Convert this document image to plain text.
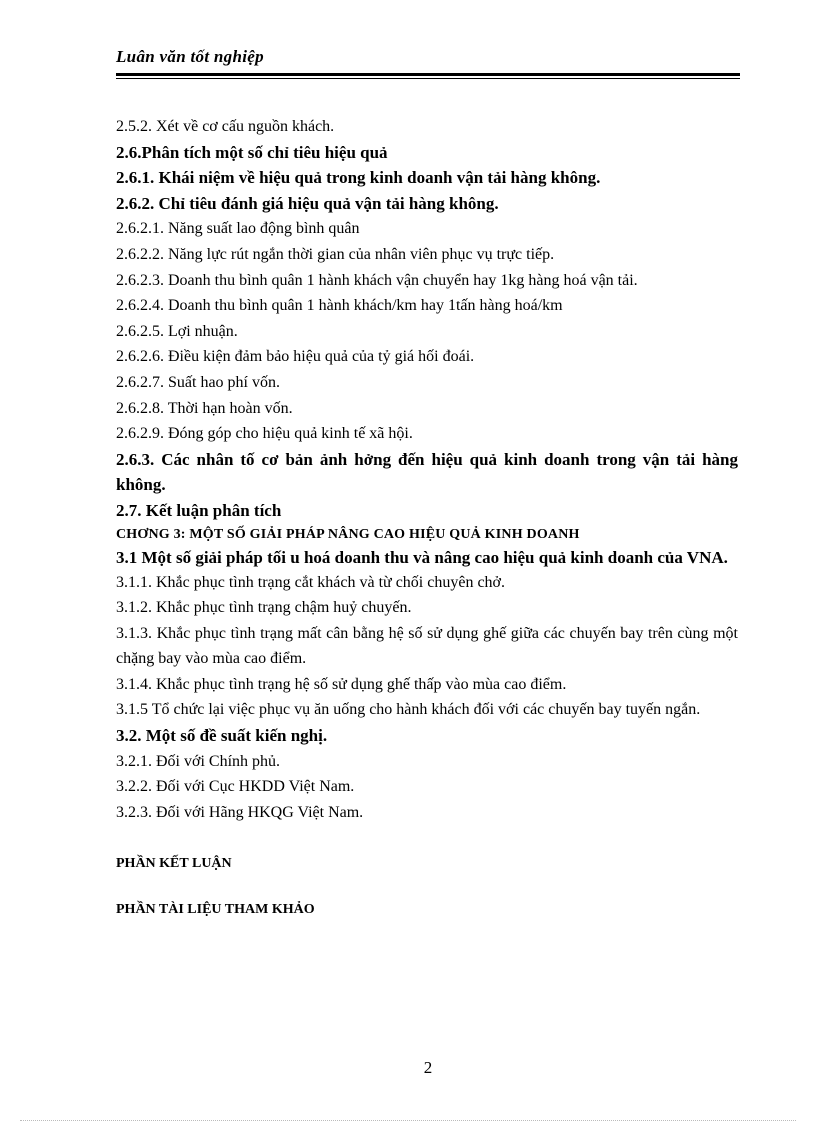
Luân văn tốt nghiệp
2.5.2. Xét về cơ cấu nguồn khách.
2.6.Phân tích một số chỉ tiêu hiệu quả
2.6.1. Khái niệm về hiệu quả trong kinh doanh vận tải hàng không.
2.6.2. Chỉ tiêu đánh giá hiệu quả vận tải hàng không.
2.6.2.1. Năng suất lao động bình quân
2.6.2.2. Năng lực rút ngắn thời gian của nhân viên phục vụ trực tiếp.
2.6.2.3. Doanh thu bình quân 1 hành khách vận chuyển hay 1kg hàng hoá vận tải.
2.6.2.4. Doanh thu bình quân 1 hành khách/km hay 1tấn hàng hoá/km
2.6.2.5. Lợi nhuận.
2.6.2.6. Điều kiện đảm bảo hiệu quả của tỷ giá hối đoái.
2.6.2.7. Suất hao phí vốn.
2.6.2.8. Thời hạn hoàn vốn.
2.6.2.9. Đóng góp cho hiệu quả kinh tế xã hội.
2.6.3. Các nhân tố cơ bản ảnh hởng đến hiệu quả kinh doanh trong vận tải hàng không.
2.7. Kết luận phân tích
CHƠNG 3: MỘT SỐ GIẢI PHÁP NÂNG CAO HIỆU QUẢ KINH DOANH
3.1 Một số giải pháp tối u hoá doanh thu và nâng cao hiệu quả kinh doanh của VNA.
3.1.1. Khắc phục tình trạng cắt khách và từ chối chuyên chở.
3.1.2. Khắc phục tình trạng chậm huỷ chuyến.
3.1.3. Khắc phục tình trạng mất cân bằng hệ số sử dụng ghế giữa các chuyến bay trên cùng một chặng bay vào mùa cao điểm.
3.1.4. Khắc phục tình trạng hệ số sử dụng ghế thấp vào mùa cao điểm.
3.1.5 Tổ chức lại việc phục vụ ăn uống cho hành khách đối với các chuyến bay tuyến ngắn.
3.2. Một số đề suất kiến nghị.
3.2.1. Đối với Chính phủ.
3.2.2. Đối với Cục HKDD Việt Nam.
3.2.3. Đối với Hãng HKQG Việt Nam.
PHẦN KẾT LUẬN
PHẦN TÀI LIỆU THAM KHẢO
2
